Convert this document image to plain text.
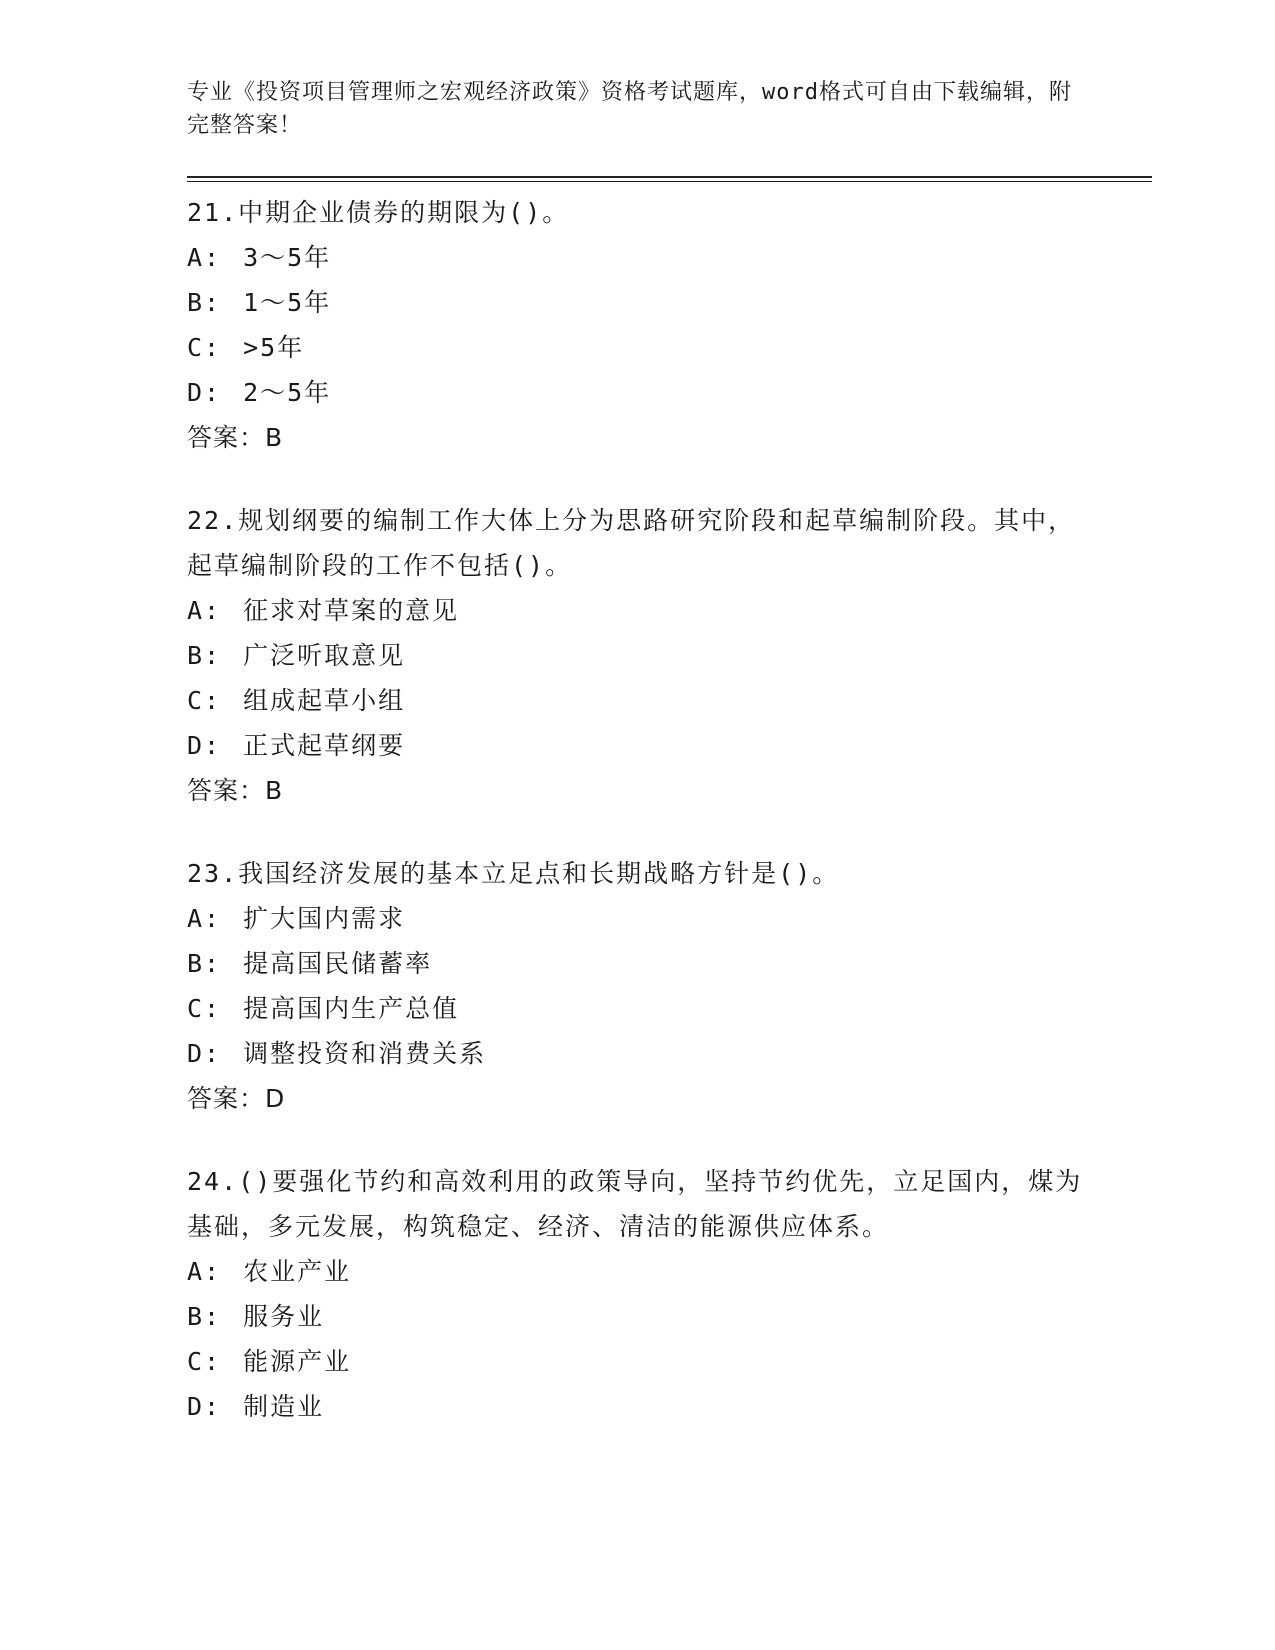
专业《投资项目管理师之宏观经济政策》资格考试题库，word格式可自由下载编辑，附完整答案！
21.中期企业债券的期限为()。
A: 3～5年
B: 1～5年
C: >5年
D: 2～5年
答案：B
22.规划纲要的编制工作大体上分为思路研究阶段和起草编制阶段。其中，起草编制阶段的工作不包括()。
A: 征求对草案的意见
B: 广泛听取意见
C: 组成起草小组
D: 正式起草纲要
答案：B
23.我国经济发展的基本立足点和长期战略方针是()。
A: 扩大国内需求
B: 提高国民储蓄率
C: 提高国内生产总值
D: 调整投资和消费关系
答案：D
24.()要强化节约和高效利用的政策导向，坚持节约优先，立足国内，煤为基础，多元发展，构筑稳定、经济、清洁的能源供应体系。
A: 农业产业
B: 服务业
C: 能源产业
D: 制造业
